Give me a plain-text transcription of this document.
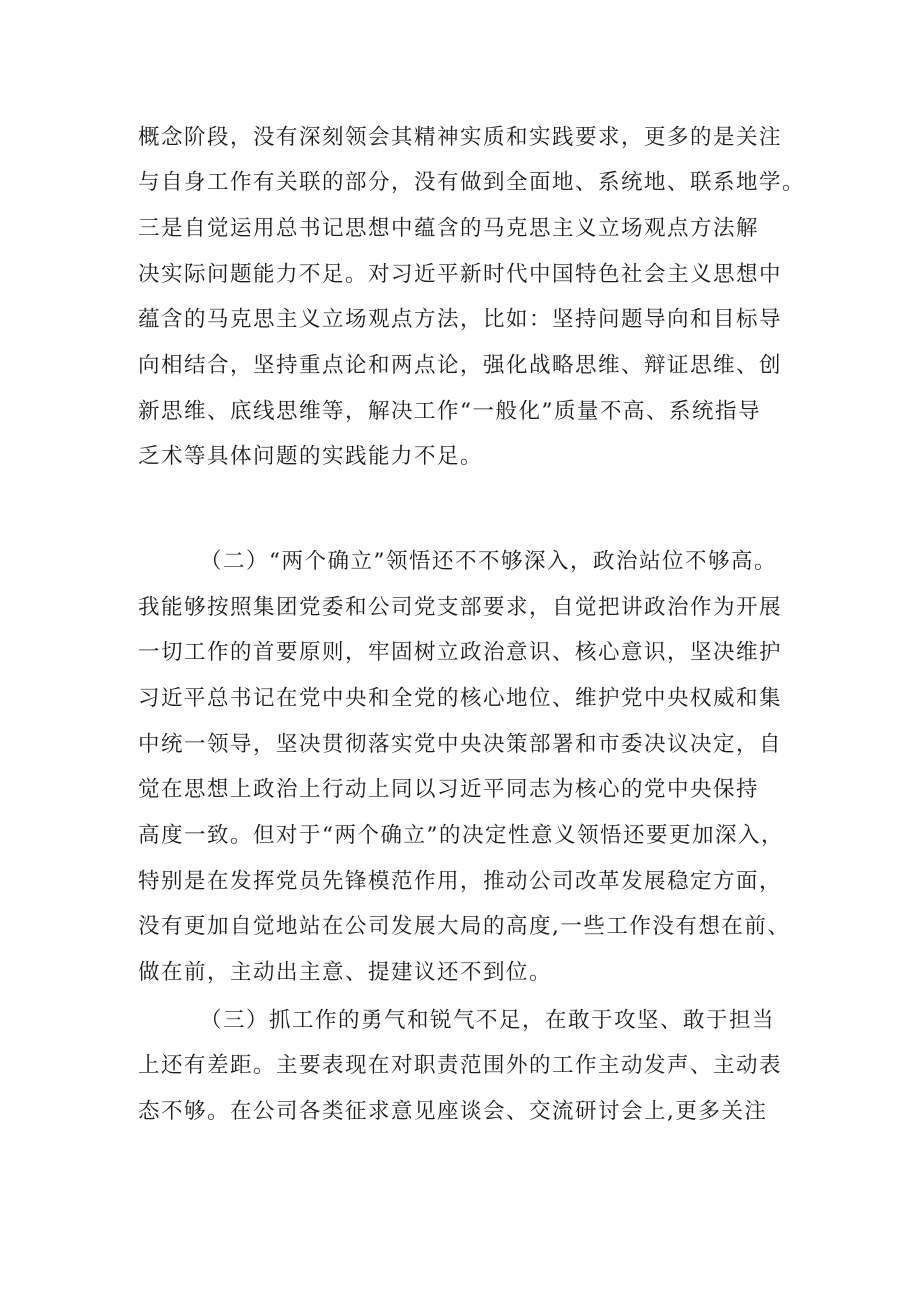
概念阶段，没有深刻领会其精神实质和实践要求，更多的是关注
与自身工作有关联的部分，没有做到全面地、系统地、联系地学。
三是自觉运用总书记思想中蕴含的马克思主义立场观点方法解
决实际问题能力不足。对习近平新时代中国特色社会主义思想中
蕴含的马克思主义立场观点方法，比如：坚持问题导向和目标导
向相结合，坚持重点论和两点论，强化战略思维、辩证思维、创
新思维、底线思维等，解决工作“一般化”质量不高、系统指导
乏术等具体问题的实践能力不足。
（二）“两个确立”领悟还不不够深入，政治站位不够高。
我能够按照集团党委和公司党支部要求，自觉把讲政治作为开展
一切工作的首要原则，牢固树立政治意识、核心意识，坚决维护
习近平总书记在党中央和全党的核心地位、维护党中央权威和集
中统一领导，坚决贯彻落实党中央决策部署和市委决议决定，自
觉在思想上政治上行动上同以习近平同志为核心的党中央保持
高度一致。但对于“两个确立”的决定性意义领悟还要更加深入，
特别是在发挥党员先锋模范作用，推动公司改革发展稳定方面，
没有更加自觉地站在公司发展大局的高度,一些工作没有想在前、
做在前，主动出主意、提建议还不到位。
（三）抓工作的勇气和锐气不足，在敢于攻坚、敢于担当
上还有差距。主要表现在对职责范围外的工作主动发声、主动表
态不够。在公司各类征求意见座谈会、交流研讨会上,更多关注
